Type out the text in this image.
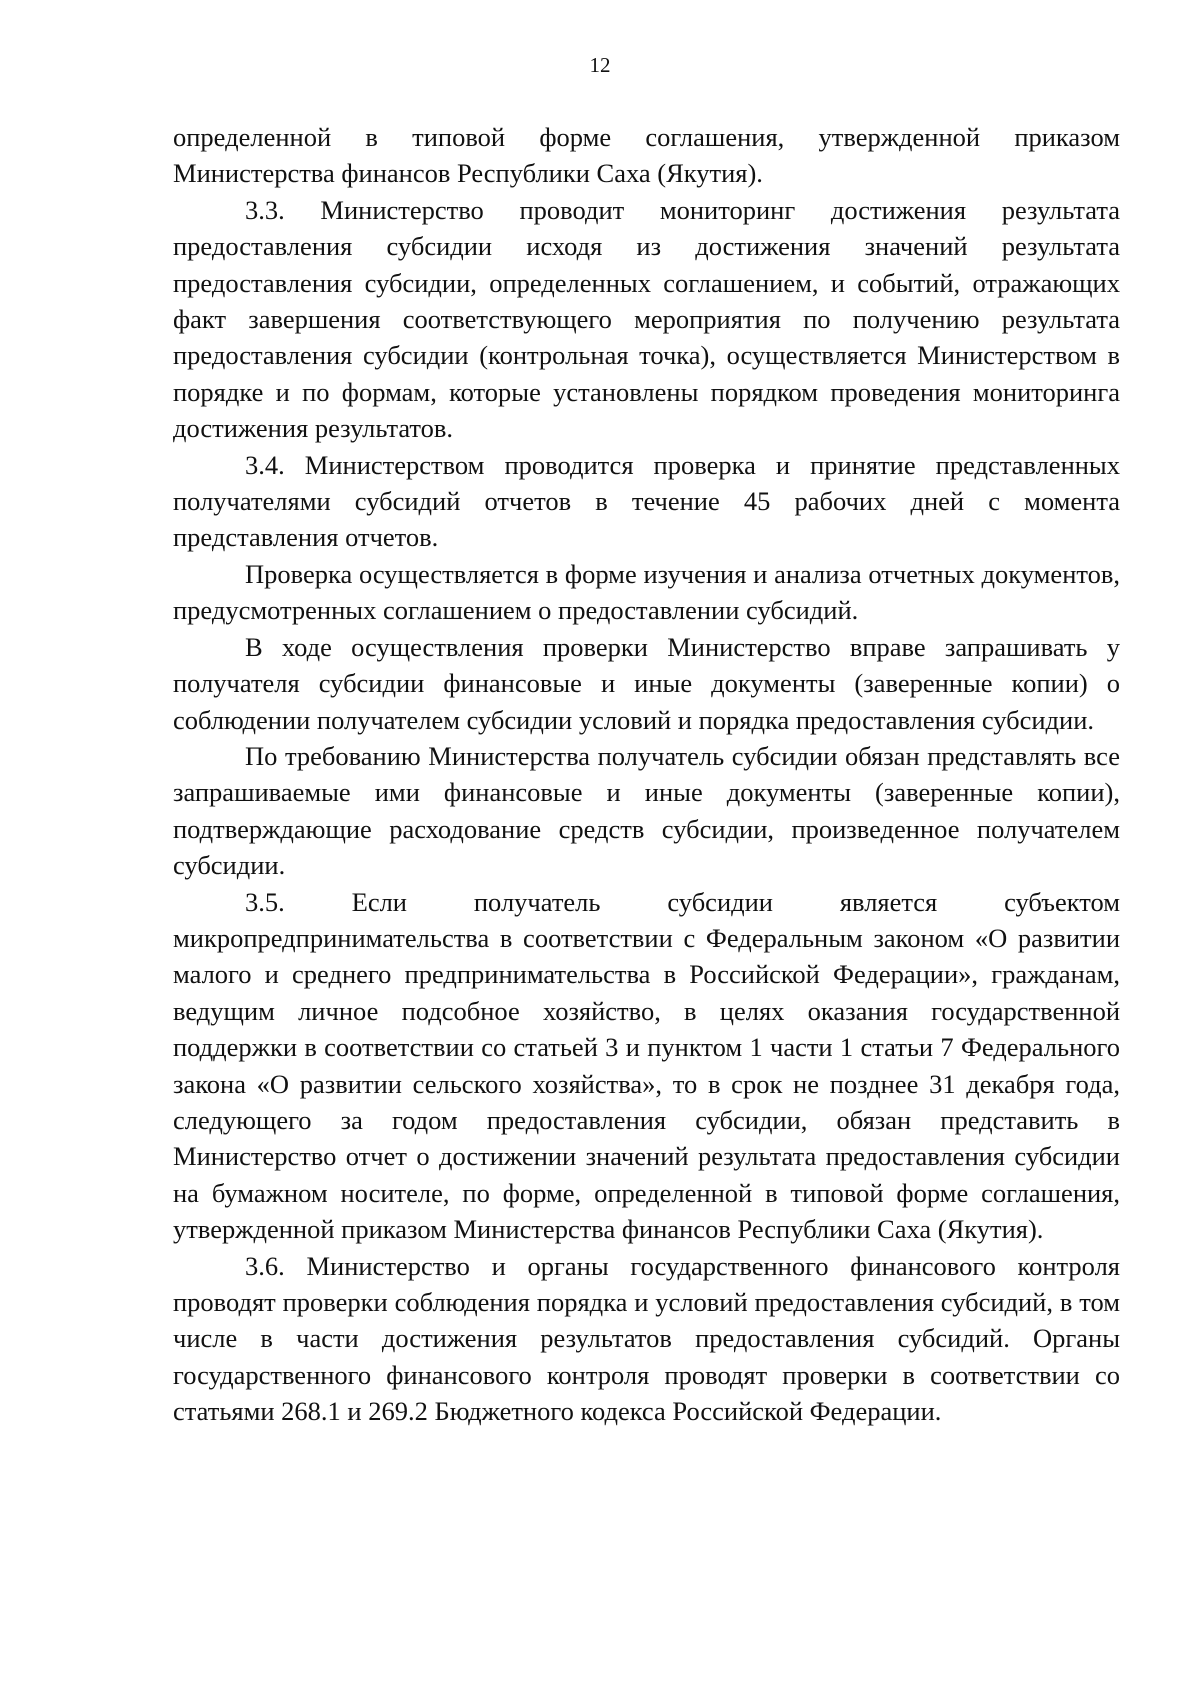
12

определенной в типовой форме соглашения, утвержденной приказом Министерства финансов Республики Саха (Якутия).

3.3. Министерство проводит мониторинг достижения результата предоставления субсидии исходя из достижения значений результата предоставления субсидии, определенных соглашением, и событий, отражающих факт завершения соответствующего мероприятия по получению результата предоставления субсидии (контрольная точка), осуществляется Министерством в порядке и по формам, которые установлены порядком проведения мониторинга достижения результатов.

3.4. Министерством проводится проверка и принятие представленных получателями субсидий отчетов в течение 45 рабочих дней с момента представления отчетов.

Проверка осуществляется в форме изучения и анализа отчетных документов, предусмотренных соглашением о предоставлении субсидий.

В ходе осуществления проверки Министерство вправе запрашивать у получателя субсидии финансовые и иные документы (заверенные копии) о соблюдении получателем субсидии условий и порядка предоставления субсидии.

По требованию Министерства получатель субсидии обязан представлять все запрашиваемые ими финансовые и иные документы (заверенные копии), подтверждающие расходование средств субсидии, произведенное получателем субсидии.

3.5. Если получатель субсидии является субъектом микропредпринимательства в соответствии с Федеральным законом «О развитии малого и среднего предпринимательства в Российской Федерации», гражданам, ведущим личное подсобное хозяйство, в целях оказания государственной поддержки в соответствии со статьей 3 и пунктом 1 части 1 статьи 7 Федерального закона «О развитии сельского хозяйства», то в срок не позднее 31 декабря года, следующего за годом предоставления субсидии, обязан представить в Министерство отчет о достижении значений результата предоставления субсидии на бумажном носителе, по форме, определенной в типовой форме соглашения, утвержденной приказом Министерства финансов Республики Саха (Якутия).

3.6. Министерство и органы государственного финансового контроля проводят проверки соблюдения порядка и условий предоставления субсидий, в том числе в части достижения результатов предоставления субсидий. Органы государственного финансового контроля проводят проверки в соответствии со статьями 268.1 и 269.2 Бюджетного кодекса Российской Федерации.
